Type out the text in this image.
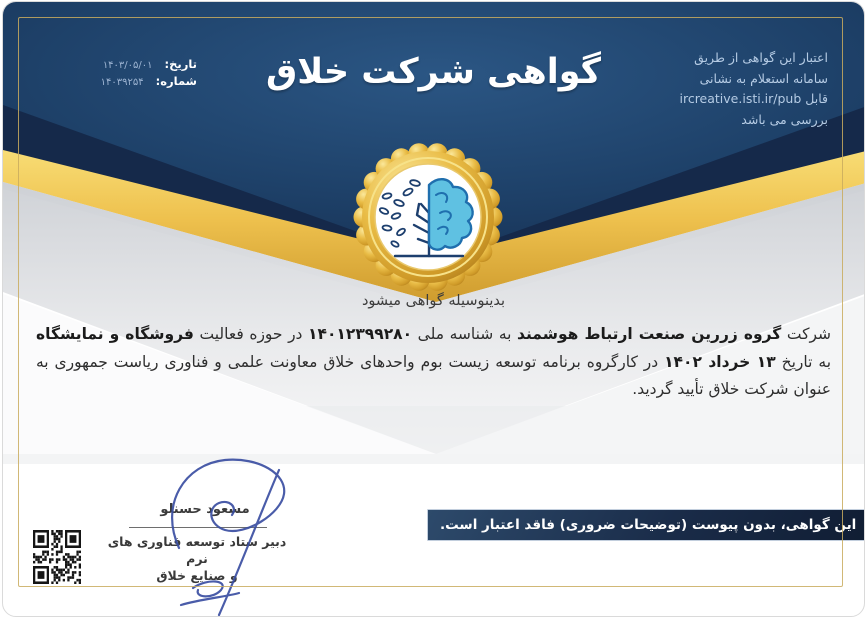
تاریخ:
۱۴۰۳/۰۵/۰۱
شماره:
۱۴۰۳۹۲۵۴	گواهی شرکت خلاق	اعتبار این گواهی از طریق
سامانه استعلام به نشانی
ircreative.isti.ir/pub قابل
بررسی می باشد
بدینوسیله گواهی میشود

شرکت گروه زررین صنعت ارتباط هوشمند به شناسه ملی ۱۴۰۱۲۳۹۹۲۸۰ در حوزه فعالیت فروشگاه و نمایشگاه به تاریخ ۱۳ خرداد ۱۴۰۲ در کارگروه برنامه توسعه زیست بوم واحدهای خلاق معاونت علمی و فناوری ریاست جمهوری به عنوان شرکت خلاق تأیید گردید.

مسعود حسنلو
دبیر ستاد توسعه فناوری های نرم
و صنایع خلاق
این گواهی، بدون پیوست (توضیحات ضروری) فاقد اعتبار است.
